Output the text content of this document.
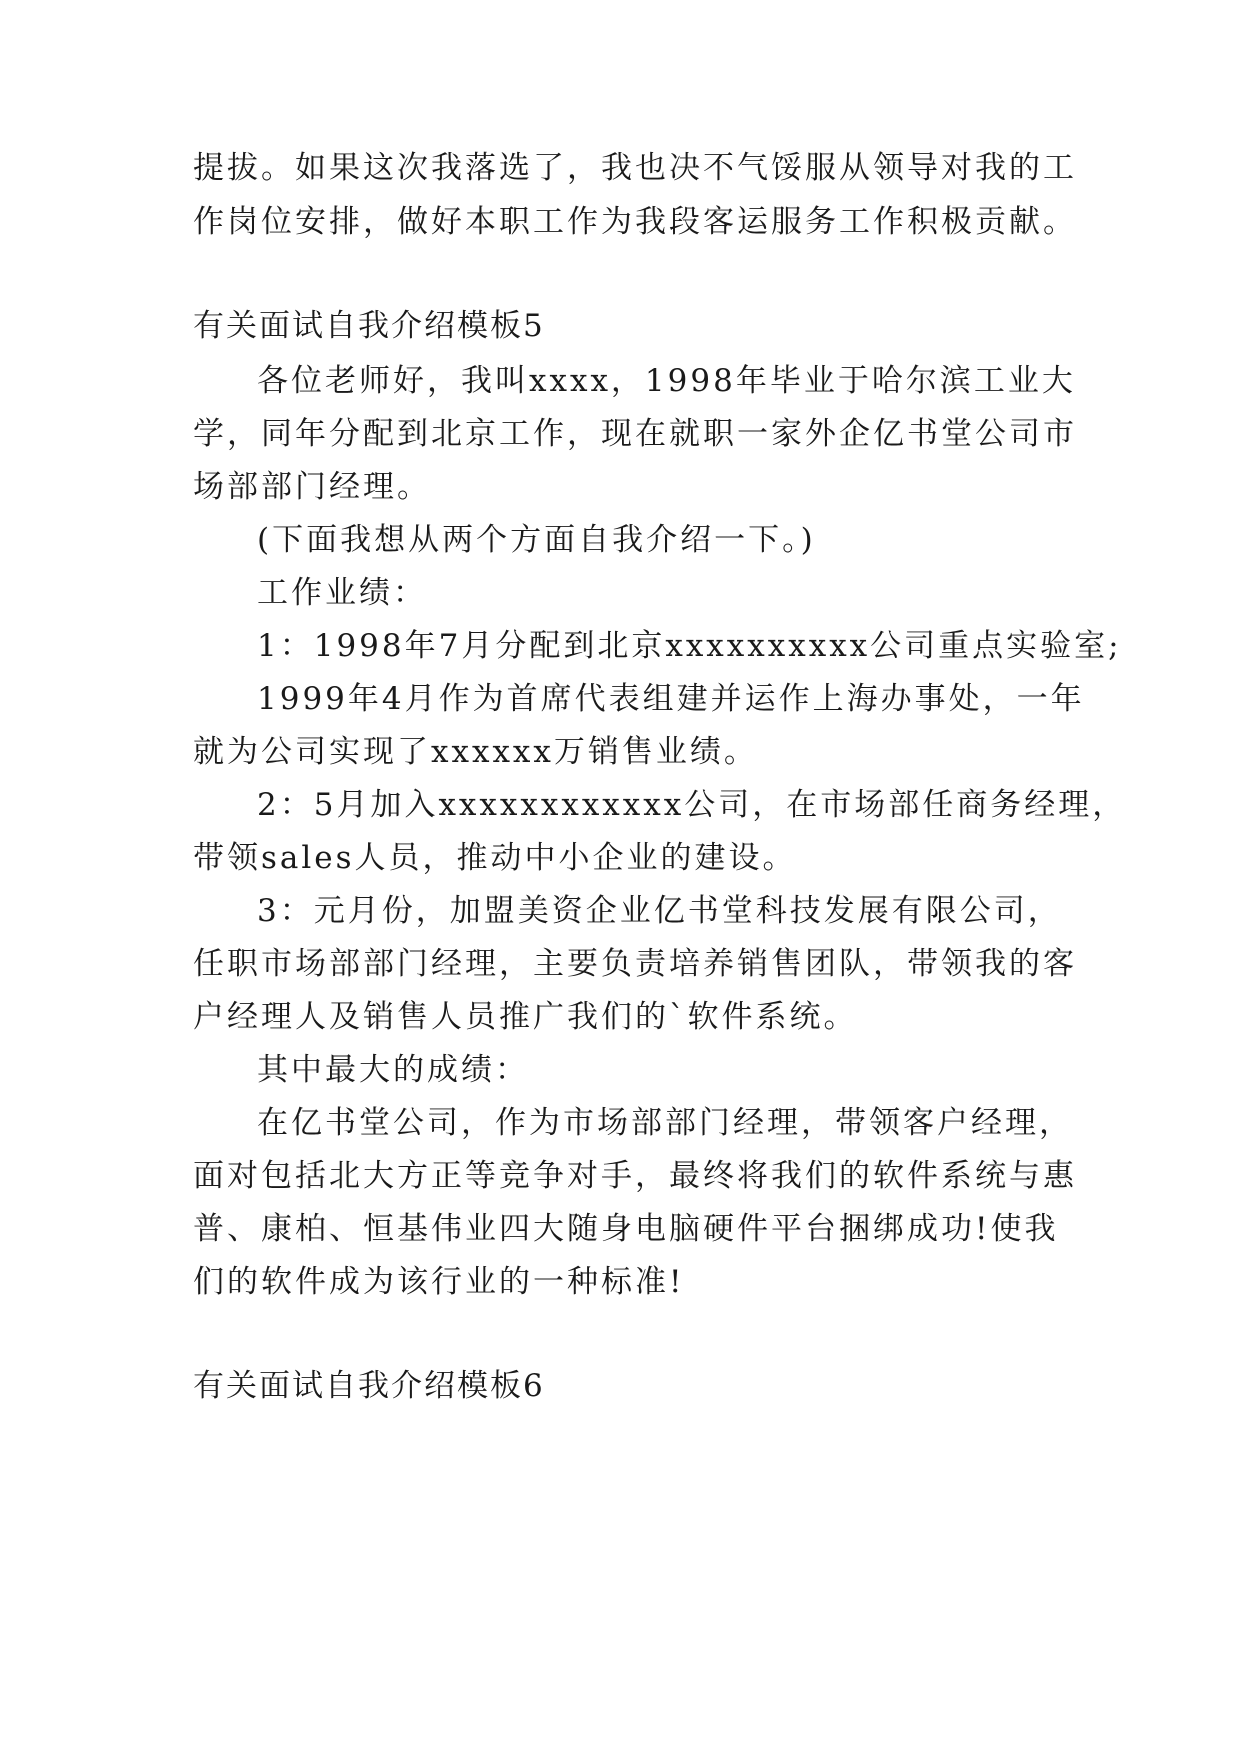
提拔。如果这次我落选了，我也决不气馁服从领导对我的工
作岗位安排，做好本职工作为我段客运服务工作积极贡献。
有关面试自我介绍模板5
各位老师好，我叫xxxx，1998年毕业于哈尔滨工业大
学，同年分配到北京工作，现在就职一家外企亿书堂公司市
场部部门经理。
(下面我想从两个方面自我介绍一下。)
工作业绩：
1：1998年7月分配到北京xxxxxxxxxx公司重点实验室;
1999年4月作为首席代表组建并运作上海办事处，一年
就为公司实现了xxxxxx万销售业绩。
2：5月加入xxxxxxxxxxxx公司，在市场部任商务经理，
带领sales人员，推动中小企业的建设。
3：元月份，加盟美资企业亿书堂科技发展有限公司，
任职市场部部门经理，主要负责培养销售团队，带领我的客
户经理人及销售人员推广我们的`软件系统。
其中最大的成绩：
在亿书堂公司，作为市场部部门经理，带领客户经理，
面对包括北大方正等竞争对手，最终将我们的软件系统与惠
普、康柏、恒基伟业四大随身电脑硬件平台捆绑成功!使我
们的软件成为该行业的一种标准!
有关面试自我介绍模板6
